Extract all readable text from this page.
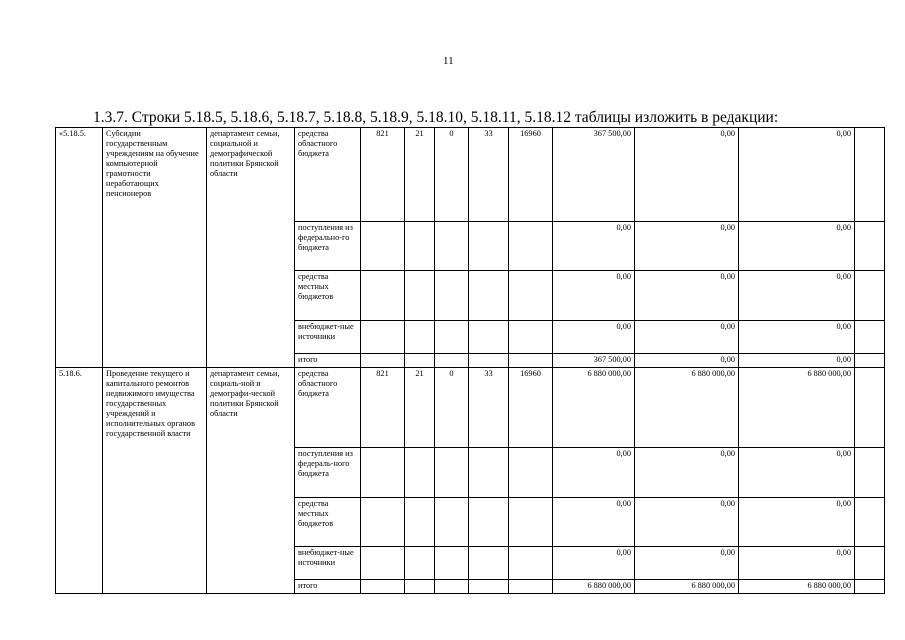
11
1.3.7. Строки 5.18.5, 5.18.6, 5.18.7, 5.18.8, 5.18.9, 5.18.10, 5.18.11, 5.18.12 таблицы изложить в редакции:
«5.18.5.	Субсидии государственным учреждениям на обучение компьютерной грамотности неработающих пенсионеров	департамент семьи, социальной и демографической политики Брянской области	средства областного бюджета	821	21	0	33	16960	367 500,00	0,00	0,00	
			поступления из федерально-го бюджета						0,00	0,00	0,00	
			средства местных бюджетов						0,00	0,00	0,00	
			внебюджет-ные источники						0,00	0,00	0,00	
			итого						367 500,00	0,00	0,00	
5.18.6.	Проведение текущего и капитального ремонтов недвижимого имущества государственных учреждений и исполнительных органов государственной власти	департамент семьи, социаль-ной и демографи-ческой политики Брянской области	средства областного бюджета	821	21	0	33	16960	6 880 000,00	6 880 000,00	6 880 000,00	
			поступления из федераль-ного бюджета						0,00	0,00	0,00	
			средства местных бюджетов						0,00	0,00	0,00	
			внебюджет-ные источники						0,00	0,00	0,00	
			итого						6 880 000,00	6 880 000,00	6 880 000,00	
